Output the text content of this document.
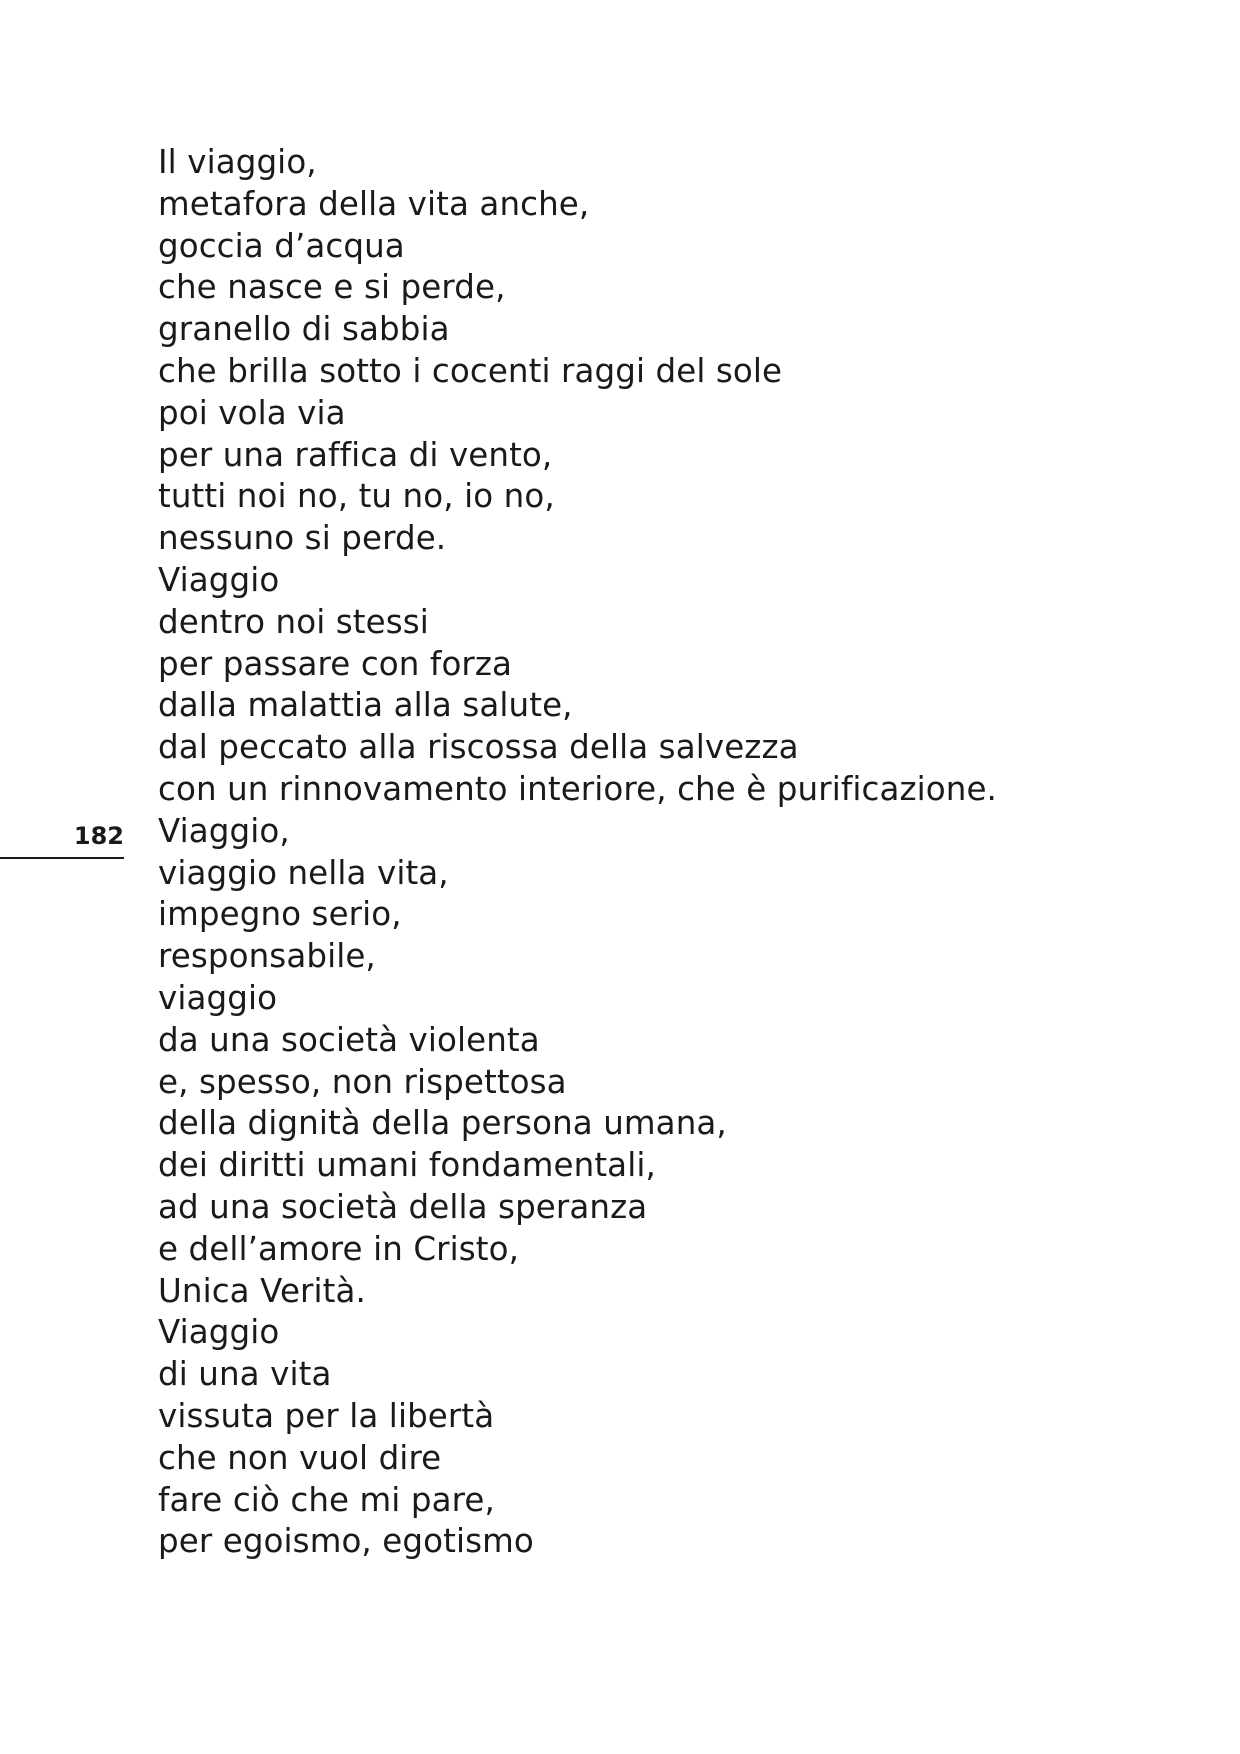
Il viaggio,
metafora della vita anche,
goccia d’acqua
che nasce e si perde,
granello di sabbia
che brilla sotto i cocenti raggi del sole
poi vola via
per una raffica di vento,
tutti noi no, tu no, io no,
nessuno si perde.
Viaggio
dentro noi stessi
per passare con forza
dalla malattia alla salute,
dal peccato alla riscossa della salvezza
con un rinnovamento interiore, che è purificazione.
Viaggio,
viaggio nella vita,
impegno serio,
responsabile,
viaggio
da una società violenta
e, spesso, non rispettosa
della dignità della persona umana,
dei diritti umani fondamentali,
ad una società della speranza
e dell’amore in Cristo,
Unica Verità.
Viaggio
di una vita
vissuta per la libertà
che non vuol dire
fare ciò che mi pare,
per egoismo, egotismo
182
